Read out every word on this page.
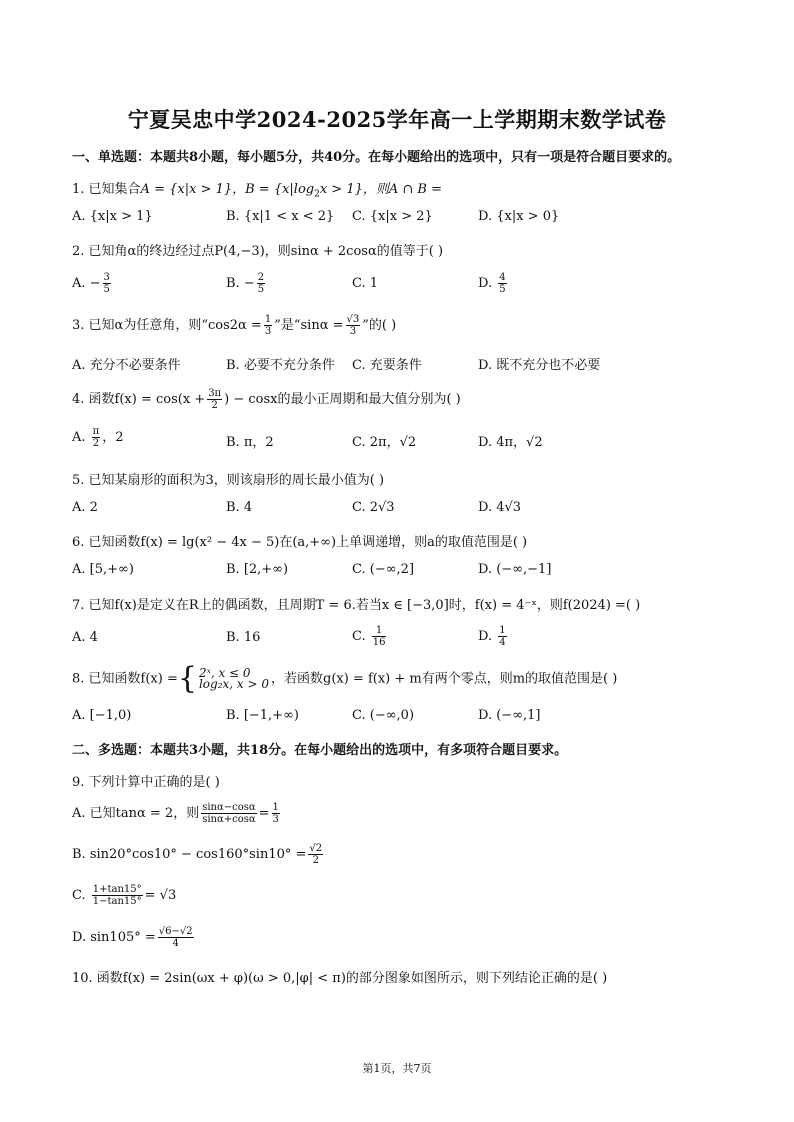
宁夏吴忠中学2024-2025学年高一上学期期末数学试卷
一、单选题：本题共8小题，每小题5分，共40分。在每小题给出的选项中，只有一项是符合题目要求的。
1. 已知集合A = {x|x > 1}，$B = \{x|\log_2x > 1\}$，则A ∩ B =
A. {x|x > 1}	B. {x|1 < x < 2} C. {x|x > 2}	D. {x|x > 0}
2. 已知角α的终边经过点P(4,−3)，则sinα + 2cosα的值等于( )
A. − $\frac{3}{5}$	B. − $\frac{2}{5}$	C. 1	D. $\frac{4}{5}$
3. 已知α为任意角，则“$\cos 2\alpha = \frac{1}{3}$ ”是“$\sin\alpha = \frac{√3}{3}$ ”的( )
A. 充分不必要条件	B. 必要不充分条件 C. 充要条件	D. 既不充分也不必要
4. 函数$f(x) = \cos(x + \frac{3\pi}{2}$ ) − cosx的最小正周期和最大值分别为( )
A. $\frac{\pi}{2}$ ，2	B. π，2	C. 2π，√2	D. 4π，√2
5. 已知某扇形的面积为3，则该扇形的周长最小值为( )
A. 2	B. 4	C. 2√3	D. 4√3
6. 已知函数f(x) = lg(x² − 4x − 5)在(a,+∞)上单调递增，则a的取值范围是( )
A. [5,+∞)	B. [2,+∞)	C. (−∞,2]	D. (−∞,−1]
7. 已知f(x)是定义在R上的偶函数，且周期T = 6.若当x ∈ [−3,0]时，f(x) = 4⁻ˣ，则f(2024) =( )
A. 4	B. 16	C. $\frac{1}{16}$	D. $\frac{1}{4}$
8. 已知函数f(x) ={ 2ˣ, x ≤ 0
log₂x, x > 0 ，若函数g(x) = f(x) + m有两个零点，则m的取值范围是( )
A. [−1,0)	B. [−1,+∞)	C. (−∞,0)	D. (−∞,1]
二、多选题：本题共3小题，共18分。在每小题给出的选项中，有多项符合题目要求。
9. 下列计算中正确的是( )
A. 已知tanα = 2，则 $\frac{\sin\alpha-\cos\alpha}{\sin\alpha+\cos\alpha} = \frac{1}{3}$
B. $\sin 20^\circ\cos 10^\circ - \cos 160^\circ\sin 10^\circ = \frac{√2}{2}$
C. $\frac{1+\tan 15^\circ}{1-\tan 15^\circ} = √3$
D. $\sin 105^\circ = \frac{√6-√2}{4}$
10. 函数f(x) = 2sin(ωx + φ)(ω > 0,|φ| < π)的部分图象如图所示，则下列结论正确的是( )
第1页，共7页
